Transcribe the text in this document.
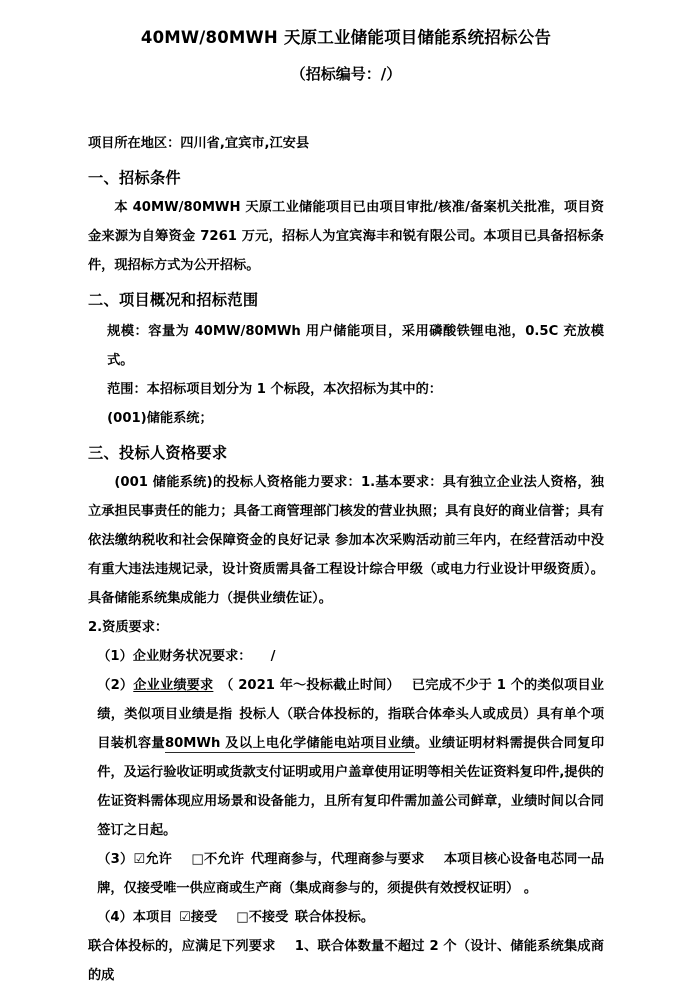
40MW/80MWH 天原工业储能项目储能系统招标公告
（招标编号：/）

项目所在地区：四川省,宜宾市,江安县

一、招标条件

本 40MW/80MWH 天原工业储能项目已由项目审批/核准/备案机关批准，项目资金来源为自筹资金 7261 万元，招标人为宜宾海丰和锐有限公司。本项目已具备招标条件，现招标方式为公开招标。

二、项目概况和招标范围

规模：容量为 40MW/80MWh 用户储能项目，采用磷酸铁锂电池，0.5C 充放模式。

范围：本招标项目划分为 1 个标段，本次招标为其中的：

(001)储能系统；

三、投标人资格要求

(001 储能系统)的投标人资格能力要求：1.基本要求：具有独立企业法人资格，独立承担民事责任的能力；具备工商管理部门核发的营业执照；具有良好的商业信誉；具有依法缴纳税收和社会保障资金的良好记录 参加本次采购活动前三年内，在经营活动中没有重大违法违规记录，设计资质需具备工程设计综合甲级（或电力行业设计甲级资质）。具备储能系统集成能力（提供业绩佐证）。

2.资质要求：

（1）企业财务状况要求： /

（2）企业业绩要求 （ 2021 年～投标截止时间） 已完成不少于 1 个的类似项目业绩，类似项目业绩是指 投标人（联合体投标的，指联合体牵头人或成员）具有单个项目装机容量80MWh 及以上电化学储能电站项目业绩。业绩证明材料需提供合同复印件，及运行验收证明或货款支付证明或用户盖章使用证明等相关佐证资料复印件,提供的佐证资料需体现应用场景和设备能力，且所有复印件需加盖公司鲜章，业绩时间以合同签订之日起。

（3）☑允许 □不允许 代理商参与，代理商参与要求 本项目核心设备电芯同一品牌，仅接受唯一供应商或生产商（集成商参与的，须提供有效授权证明） 。

（4）本项目 ☑接受 □不接受 联合体投标。

联合体投标的，应满足下列要求 1、联合体数量不超过 2 个（设计、储能系统集成商的成
